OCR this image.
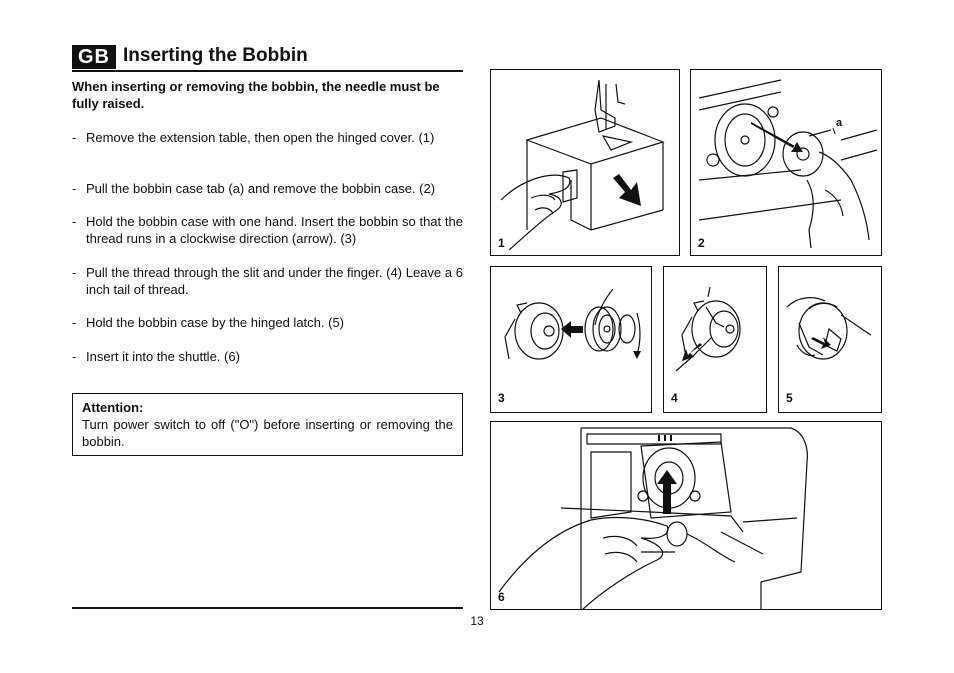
GB Inserting the Bobbin
When inserting or removing the bobbin, the needle must be fully raised.
- Remove the extension table, then open the hinged cover. (1)
- Pull the bobbin case tab (a) and remove the bobbin case. (2)
- Hold the bobbin case with one hand. Insert the bobbin so that the thread runs in a clockwise direction (arrow). (3)
- Pull the thread through the slit and under the finger. (4) Leave a 6 inch tail of thread.
- Hold the bobbin case by the hinged latch. (5)
- Insert it into the shuttle. (6)
Attention:
Turn power switch to off ("O") before inserting or removing the bobbin.
13
1
a
2
3	4	5
6
